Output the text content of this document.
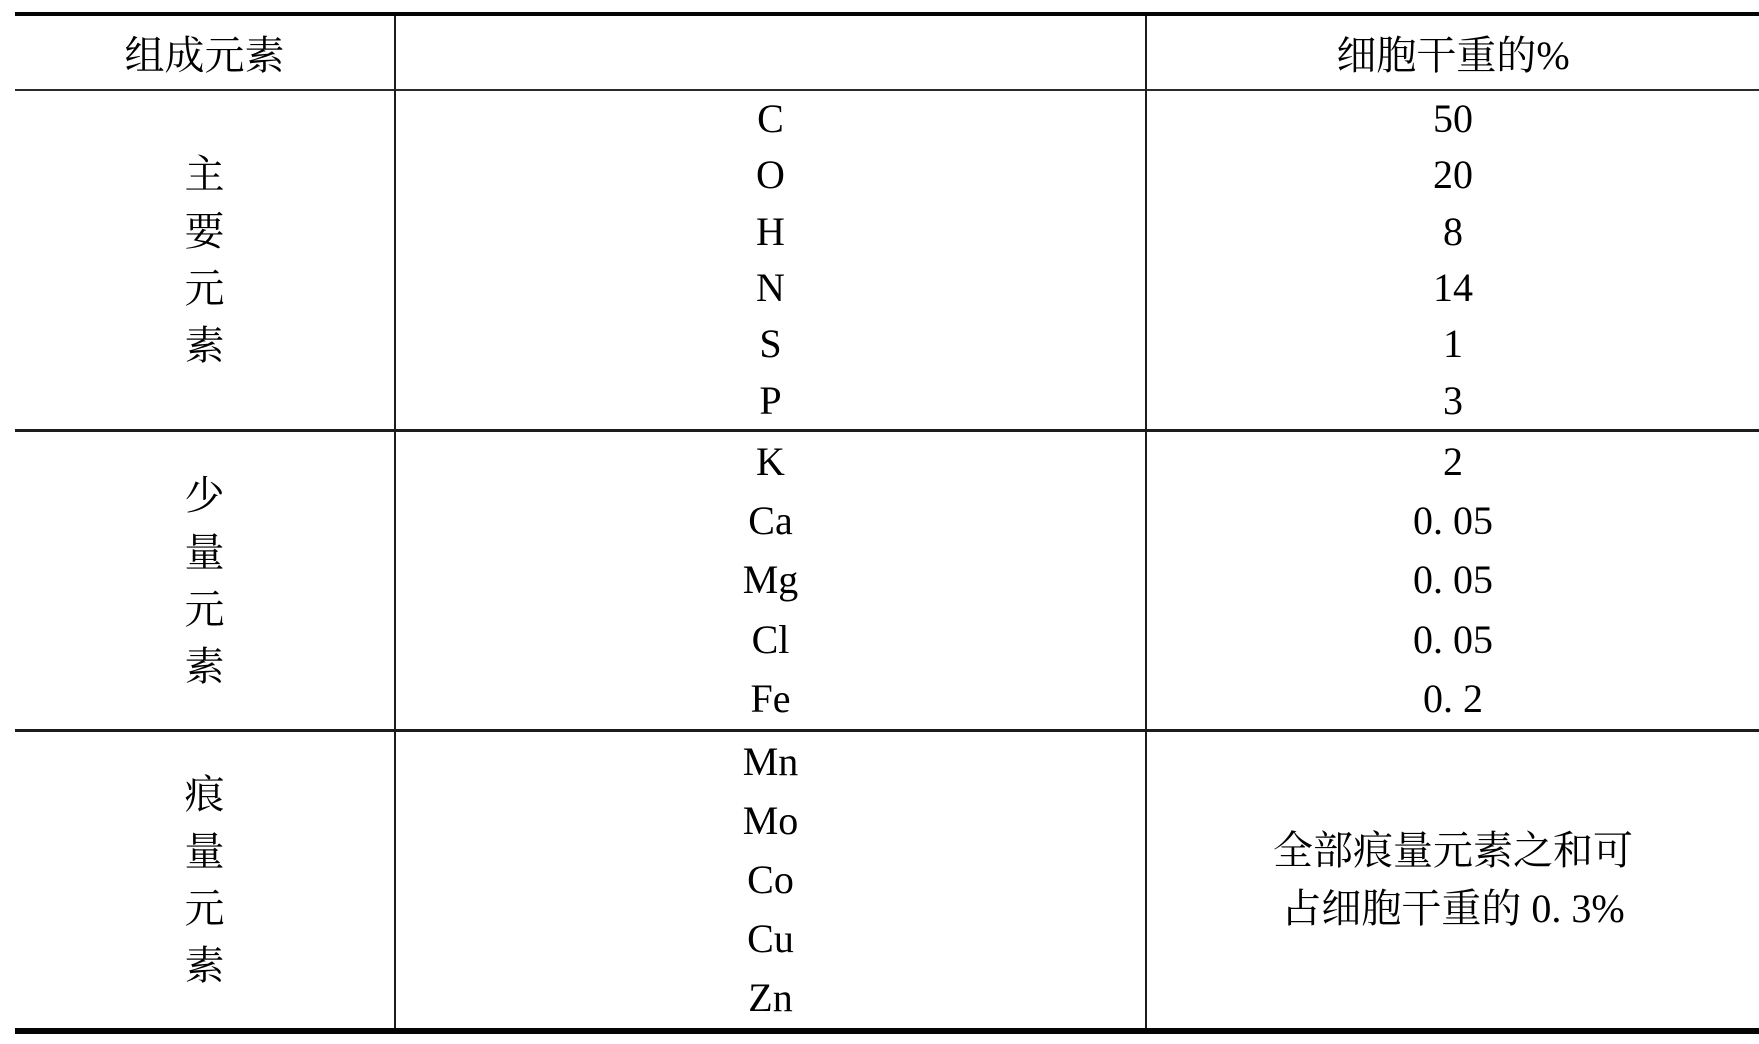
组成元素	细胞干重的%
主
要
元
素
C
O
H
N
S
P
50
20
8
14
1
3
少
量
元
素
K
Ca
Mg
Cl
Fe
2
0. 05
0. 05
0. 05
0. 2
痕
量
元
素
Mn
Mo
Co
Cu
Zn
全部痕量元素之和可
占细胞干重的 0. 3%
